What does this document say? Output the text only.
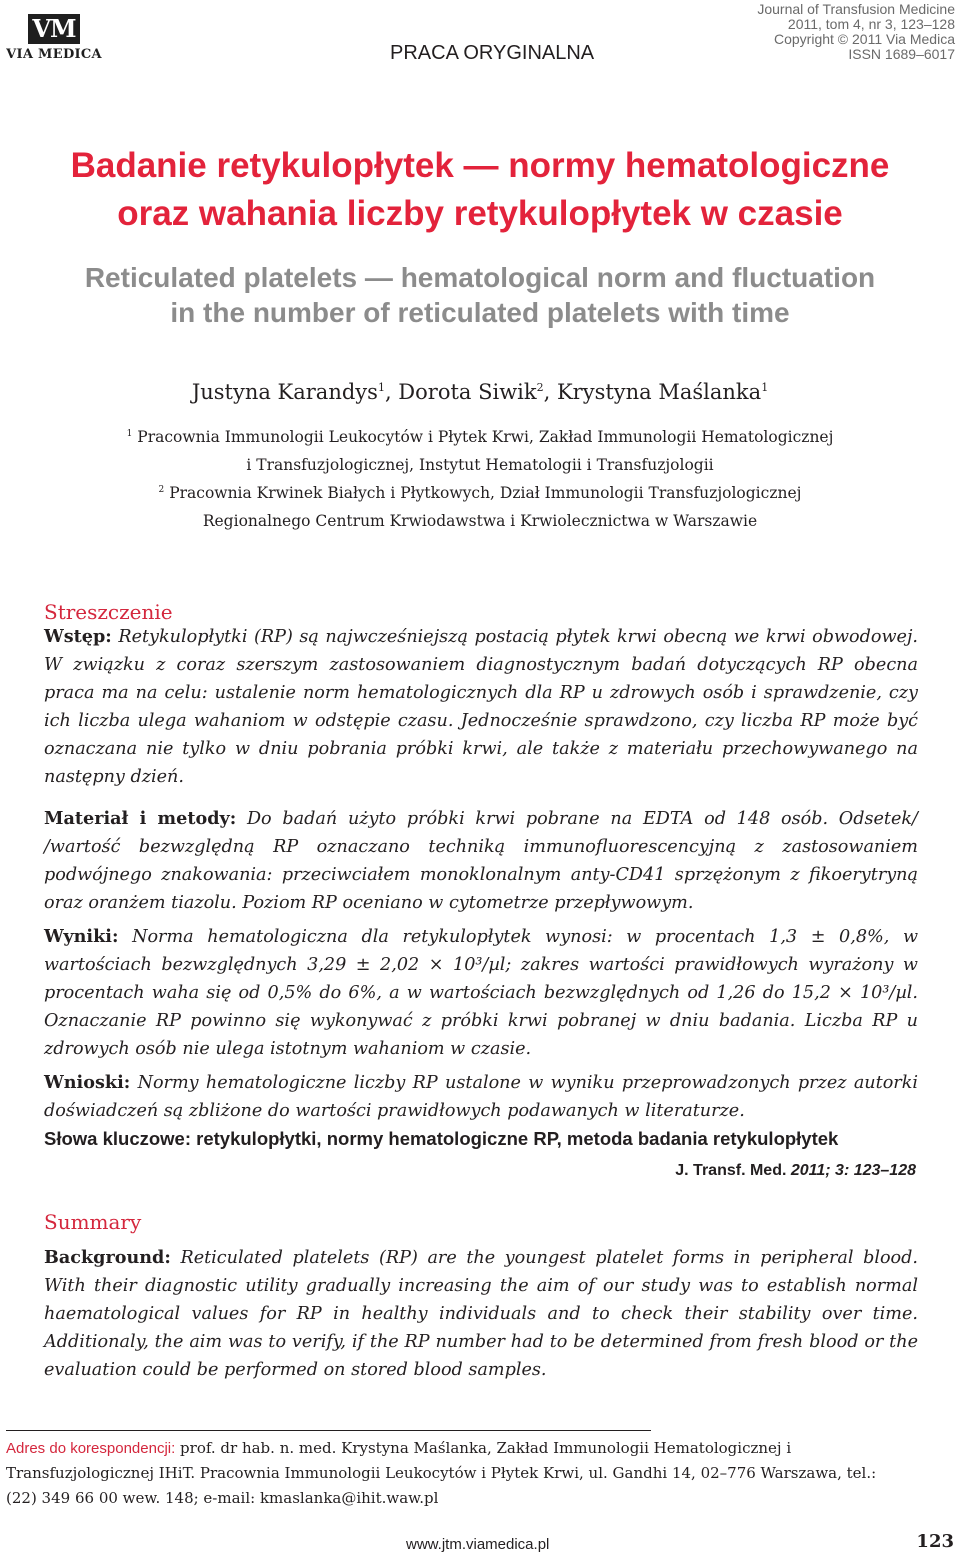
VM
VIA MEDICA	PRACA ORYGINALNA
Journal of Transfusion Medicine
2011, tom 4, nr 3, 123–128
Copyright © 2011 Via Medica
ISSN 1689–6017
Badanie retykulopłytek — normy hematologiczne
oraz wahania liczby retykulopłytek w czasie
Reticulated platelets — hematological norm and fluctuation
in the number of reticulated platelets with time
Justyna Karandys$^1$, Dorota Siwik$^2$, Krystyna Maślanka$^1$
$^1$ Pracownia Immunologii Leukocytów i Płytek Krwi, Zakład Immunologii Hematologicznej
i Transfuzjologicznej, Instytut Hematologii i Transfuzjologii
$^2$ Pracownia Krwinek Białych i Płytkowych, Dział Immunologii Transfuzjologicznej
Regionalnego Centrum Krwiodawstwa i Krwiolecznictwa w Warszawie
Streszczenie
Wstęp: Retykulopłytki (RP) są najwcześniejszą postacią płytek krwi obecną we krwi obwodowej. W związku z coraz szerszym zastosowaniem diagnostycznym badań dotyczących RP obecna praca ma na celu: ustalenie norm hematologicznych dla RP u zdrowych osób i sprawdzenie, czy ich liczba ulega wahaniom w odstępie czasu. Jednocześnie sprawdzono, czy liczba RP może być oznaczana nie tylko w dniu pobrania próbki krwi, ale także z materiału przechowywanego na następny dzień.
Materiał i metody: Do badań użyto próbki krwi pobrane na EDTA od 148 osób. Odsetek/ /wartość bezwzględną RP oznaczano techniką immunofluorescencyjną z zastosowaniem podwójnego znakowania: przeciwciałem monoklonalnym anty-CD41 sprzężonym z fikoerytryną oraz oranżem tiazolu. Poziom RP oceniano w cytometrze przepływowym.
Wyniki: Norma hematologiczna dla retykulopłytek wynosi: w procentach 1,3 ± 0,8%, w wartościach bezwzględnych 3,29 ± 2,02 × 10³/µl; zakres wartości prawidłowych wyrażony w procentach waha się od 0,5% do 6%, a w wartościach bezwzględnych od 1,26 do 15,2 × 10³/µl. Oznaczanie RP powinno się wykonywać z próbki krwi pobranej w dniu badania. Liczba RP u zdrowych osób nie ulega istotnym wahaniom w czasie.
Wnioski: Normy hematologiczne liczby RP ustalone w wyniku przeprowadzonych przez autorki doświadczeń są zbliżone do wartości prawidłowych podawanych w literaturze.
Słowa kluczowe: retykulopłytki, normy hematologiczne RP, metoda badania retykulopłytek
J. Transf. Med. 2011; 3: 123–128
Summary
Background: Reticulated platelets (RP) are the youngest platelet forms in peripheral blood. With their diagnostic utility gradually increasing the aim of our study was to establish normal haematological values for RP in healthy individuals and to check their stability over time. Additionaly, the aim was to verify, if the RP number had to be determined from fresh blood or the evaluation could be performed on stored blood samples.
Adres do korespondencji: prof. dr hab. n. med. Krystyna Maślanka, Zakład Immunologii Hematologicznej i Transfuzjologicznej IHiT. Pracownia Immunologii Leukocytów i Płytek Krwi, ul. Gandhi 14, 02–776 Warszawa, tel.: (22) 349 66 00 wew. 148; e-mail: kmaslanka@ihit.waw.pl
www.jtm.viamedica.pl	123
